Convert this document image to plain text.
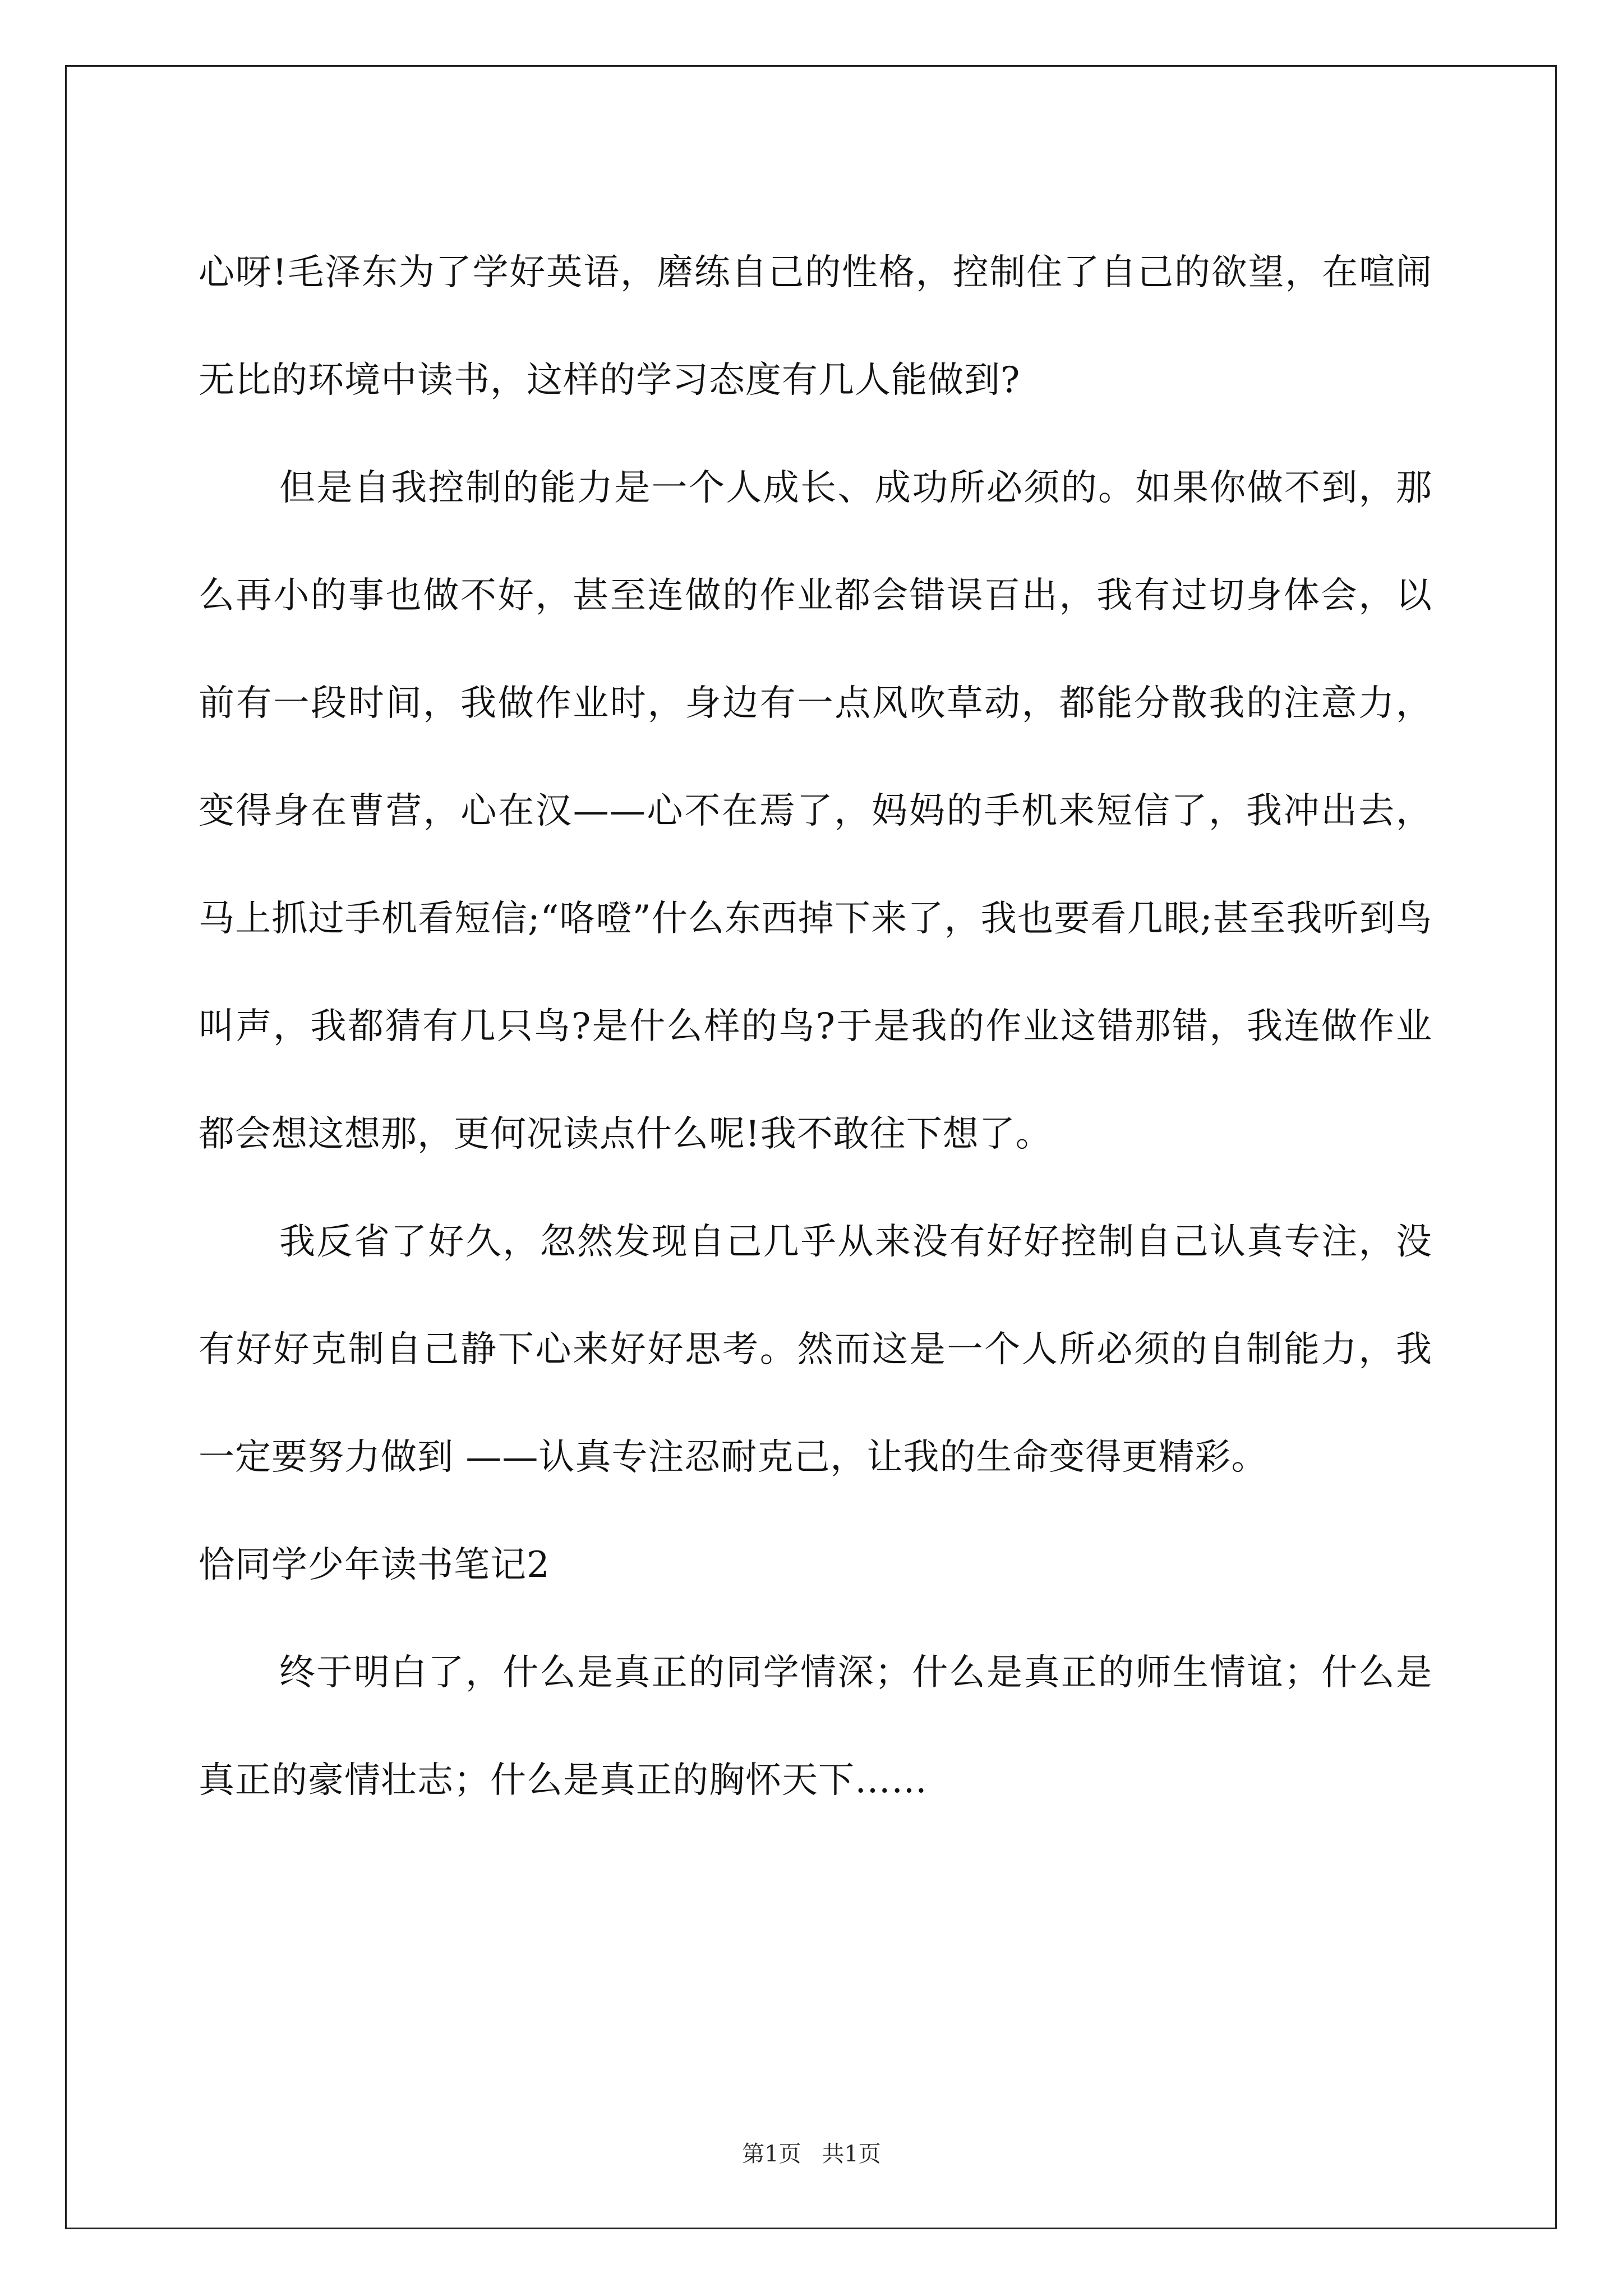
心呀!毛泽东为了学好英语，磨练自己的性格，控制住了自己的欲望，在喧闹无比的环境中读书，这样的学习态度有几人能做到?

但是自我控制的能力是一个人成长、成功所必须的。如果你做不到，那么再小的事也做不好，甚至连做的作业都会错误百出，我有过切身体会，以前有一段时间，我做作业时，身边有一点风吹草动，都能分散我的注意力，变得身在曹营，心在汉——心不在焉了，妈妈的手机来短信了，我冲出去，马上抓过手机看短信;“咯噔”什么东西掉下来了，我也要看几眼;甚至我听到鸟叫声，我都猜有几只鸟?是什么样的鸟?于是我的作业这错那错，我连做作业都会想这想那，更何况读点什么呢!我不敢往下想了。

我反省了好久，忽然发现自己几乎从来没有好好控制自己认真专注，没有好好克制自己静下心来好好思考。然而这是一个人所必须的自制能力，我一定要努力做到 ——认真专注忍耐克己，让我的生命变得更精彩。

恰同学少年读书笔记2

终于明白了，什么是真正的同学情深；什么是真正的师生情谊；什么是真正的豪情壮志；什么是真正的胸怀天下……

第1页 共1页
